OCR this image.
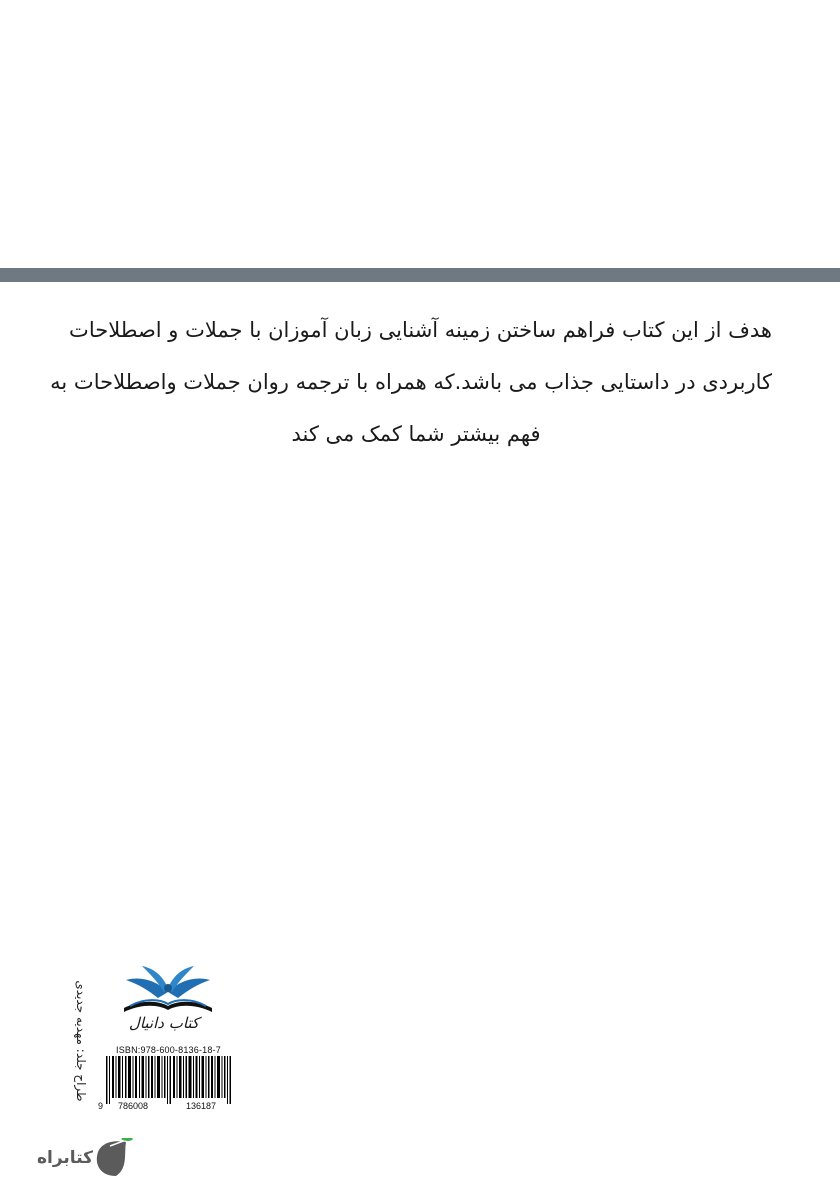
هدف از این کتاب فراهم ساختن زمینه آشنایی زبان آموزان با جملات و اصطلاحات
کاربردی در داستایی جذاب می باشد.که همراه با ترجمه روان جملات واصطلاحات به
فهم بیشتر شما کمک می کند
طراح جلد: مهدیه جدیدی	کتاب دانیال
ISBN:978-600-8136-18-7
9 786008	136187
کتابراه
